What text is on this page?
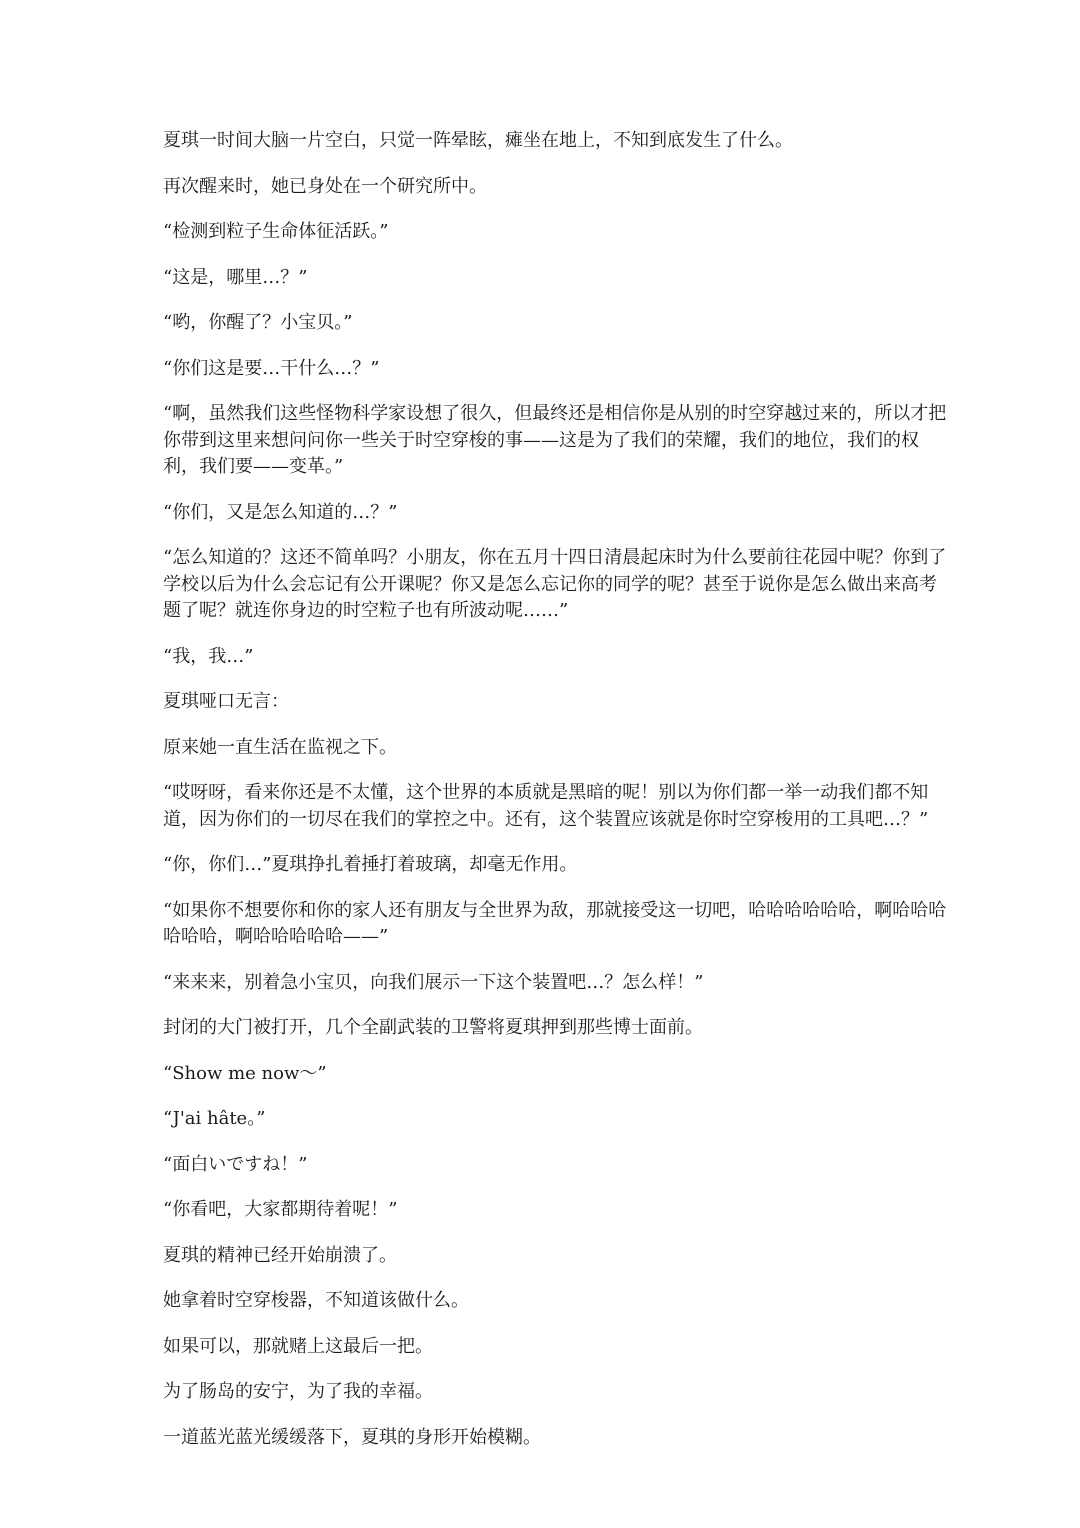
夏琪一时间大脑一片空白，只觉一阵晕眩，瘫坐在地上，不知到底发生了什么。

再次醒来时，她已身处在一个研究所中。

“检测到粒子生命体征活跃。”

“这是，哪里…？”

“哟，你醒了？小宝贝。”

“你们这是要…干什么…？”

“啊，虽然我们这些怪物科学家设想了很久，但最终还是相信你是从别的时空穿越过来的，所以才把你带到这里来想问问你一些关于时空穿梭的事——这是为了我们的荣耀，我们的地位，我们的权利，我们要——变革。”

“你们，又是怎么知道的…？”

“怎么知道的？这还不简单吗？小朋友，你在五月十四日清晨起床时为什么要前往花园中呢？你到了学校以后为什么会忘记有公开课呢？你又是怎么忘记你的同学的呢？甚至于说你是怎么做出来高考题了呢？就连你身边的时空粒子也有所波动呢……”

“我，我…”

夏琪哑口无言：

原来她一直生活在监视之下。

“哎呀呀，看来你还是不太懂，这个世界的本质就是黑暗的呢！别以为你们都一举一动我们都不知道，因为你们的一切尽在我们的掌控之中。还有，这个装置应该就是你时空穿梭用的工具吧…？”

“你，你们…”夏琪挣扎着捶打着玻璃，却毫无作用。

“如果你不想要你和你的家人还有朋友与全世界为敌，那就接受这一切吧，哈哈哈哈哈哈，啊哈哈哈哈哈哈，啊哈哈哈哈哈——”

“来来来，别着急小宝贝，向我们展示一下这个装置吧…？怎么样！”

封闭的大门被打开，几个全副武装的卫警将夏琪押到那些博士面前。

“Show me now～”

“J'ai hâte。”

“面白いですね！”

“你看吧，大家都期待着呢！”

夏琪的精神已经开始崩溃了。

她拿着时空穿梭器，不知道该做什么。

如果可以，那就赌上这最后一把。

为了肠岛的安宁，为了我的幸福。

一道蓝光蓝光缓缓落下，夏琪的身形开始模糊。
